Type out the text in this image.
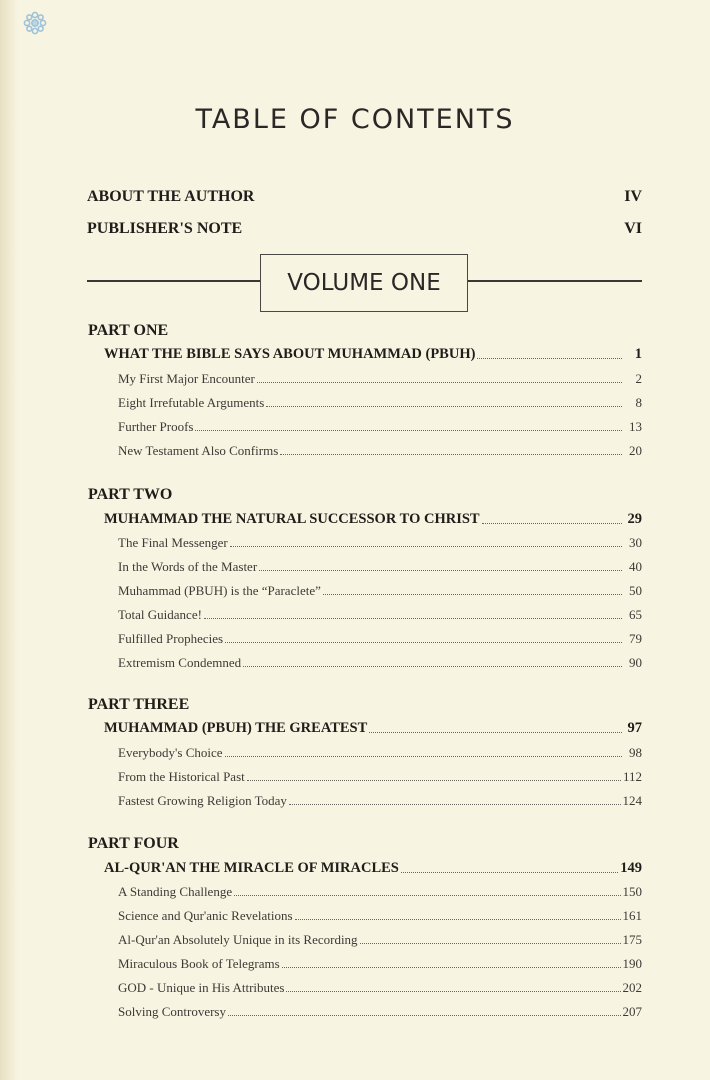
TABLE OF CONTENTS
ABOUT THE AUTHOR	IV
PUBLISHER'S NOTE	VI
VOLUME ONE
PART ONE
WHAT THE BIBLE SAYS ABOUT MUHAMMAD (PBUH)	1
My First Major Encounter	2
Eight Irrefutable Arguments	8
Further Proofs	13
New Testament Also Confirms	20
PART TWO
MUHAMMAD THE NATURAL SUCCESSOR TO CHRIST	29
The Final Messenger	30
In the Words of the Master	40
Muhammad (PBUH) is the “Paraclete”	50
Total Guidance!	65
Fulfilled Prophecies	79
Extremism Condemned	90
PART THREE
MUHAMMAD (PBUH) THE GREATEST	97
Everybody's Choice	98
From the Historical Past	112
Fastest Growing Religion Today	124
PART FOUR
AL-QUR'AN THE MIRACLE OF MIRACLES	149
A Standing Challenge	150
Science and Qur'anic Revelations	161
Al-Qur'an Absolutely Unique in its Recording	175
Miraculous Book of Telegrams	190
GOD - Unique in His Attributes	202
Solving Controversy	207
